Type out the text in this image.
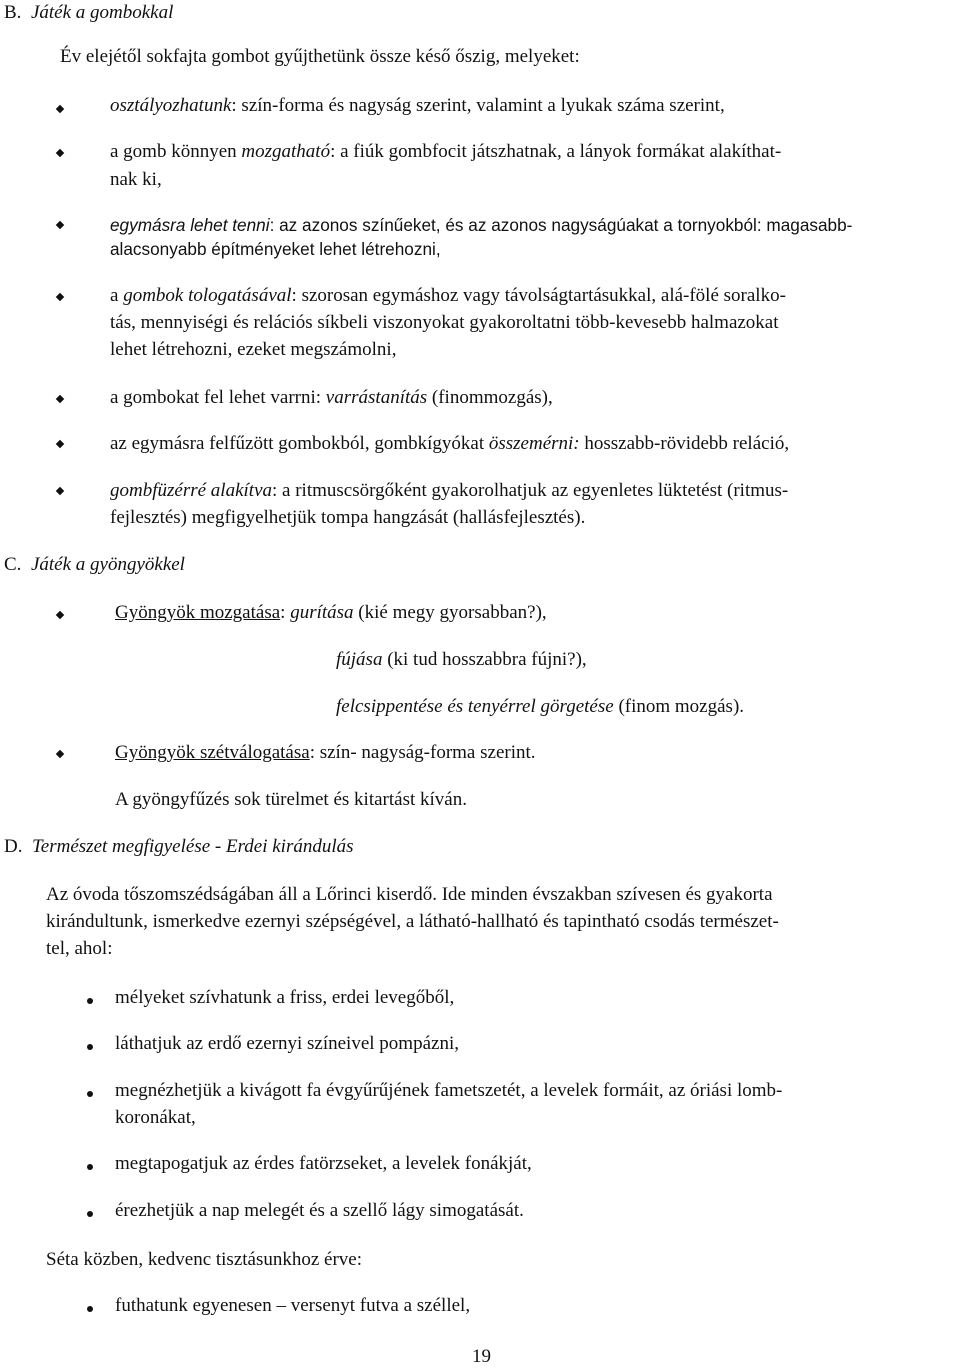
B. Játék a gombokkal
Év elejétől sokfajta gombot gyűjthetünk össze késő őszig, melyeket:
osztályozhatunk: szín-forma és nagyság szerint, valamint a lyukak száma szerint,
a gomb könnyen mozgatható: a fiúk gombfocit játszhatnak, a lányok formákat alakíthat-
nak ki,
egymásra lehet tenni: az azonos színűeket, és az azonos nagyságúakat a tornyokból: magasabb-
alacsonyabb építményeket lehet létrehozni,
a gombok tologatásával: szorosan egymáshoz vagy távolságtartásukkal, alá-fölé soralko-
tás, mennyiségi és relációs síkbeli viszonyokat gyakoroltatni több-kevesebb halmazokat
lehet létrehozni, ezeket megszámolni,
a gombokat fel lehet varrni: varrástanítás (finommozgás),
az egymásra felfűzött gombokból, gombkígyókat összemérni: hosszabb-rövidebb reláció,
gombfüzérré alakítva: a ritmuscsörgőként gyakorolhatjuk az egyenletes lüktetést (ritmus-
fejlesztés) megfigyelhetjük tompa hangzását (hallásfejlesztés).
C. Játék a gyöngyökkel
Gyöngyök mozgatása: gurítása (kié megy gyorsabban?),
fújása (ki tud hosszabbra fújni?),
felcsippentése és tenyérrel görgetése (finom mozgás).
Gyöngyök szétválogatása: szín- nagyság-forma szerint.
A gyöngyfűzés sok türelmet és kitartást kíván.
D. Természet megfigyelése - Erdei kirándulás
Az óvoda tőszomszédságában áll a Lőrinci kiserdő. Ide minden évszakban szívesen és gyakorta
kirándultunk, ismerkedve ezernyi szépségével, a látható-hallható és tapintható csodás természet-
tel, ahol:
mélyeket szívhatunk a friss, erdei levegőből,
láthatjuk az erdő ezernyi színeivel pompázni,
megnézhetjük a kivágott fa évgyűrűjének fametszetét, a levelek formáit, az óriási lomb-
koronákat,
megtapogatjuk az érdes fatörzseket, a levelek fonákját,
érezhetjük a nap melegét és a szellő lágy simogatását.
Séta közben, kedvenc tisztásunkhoz érve:
futhatunk egyenesen – versenyt futva a széllel,
19
